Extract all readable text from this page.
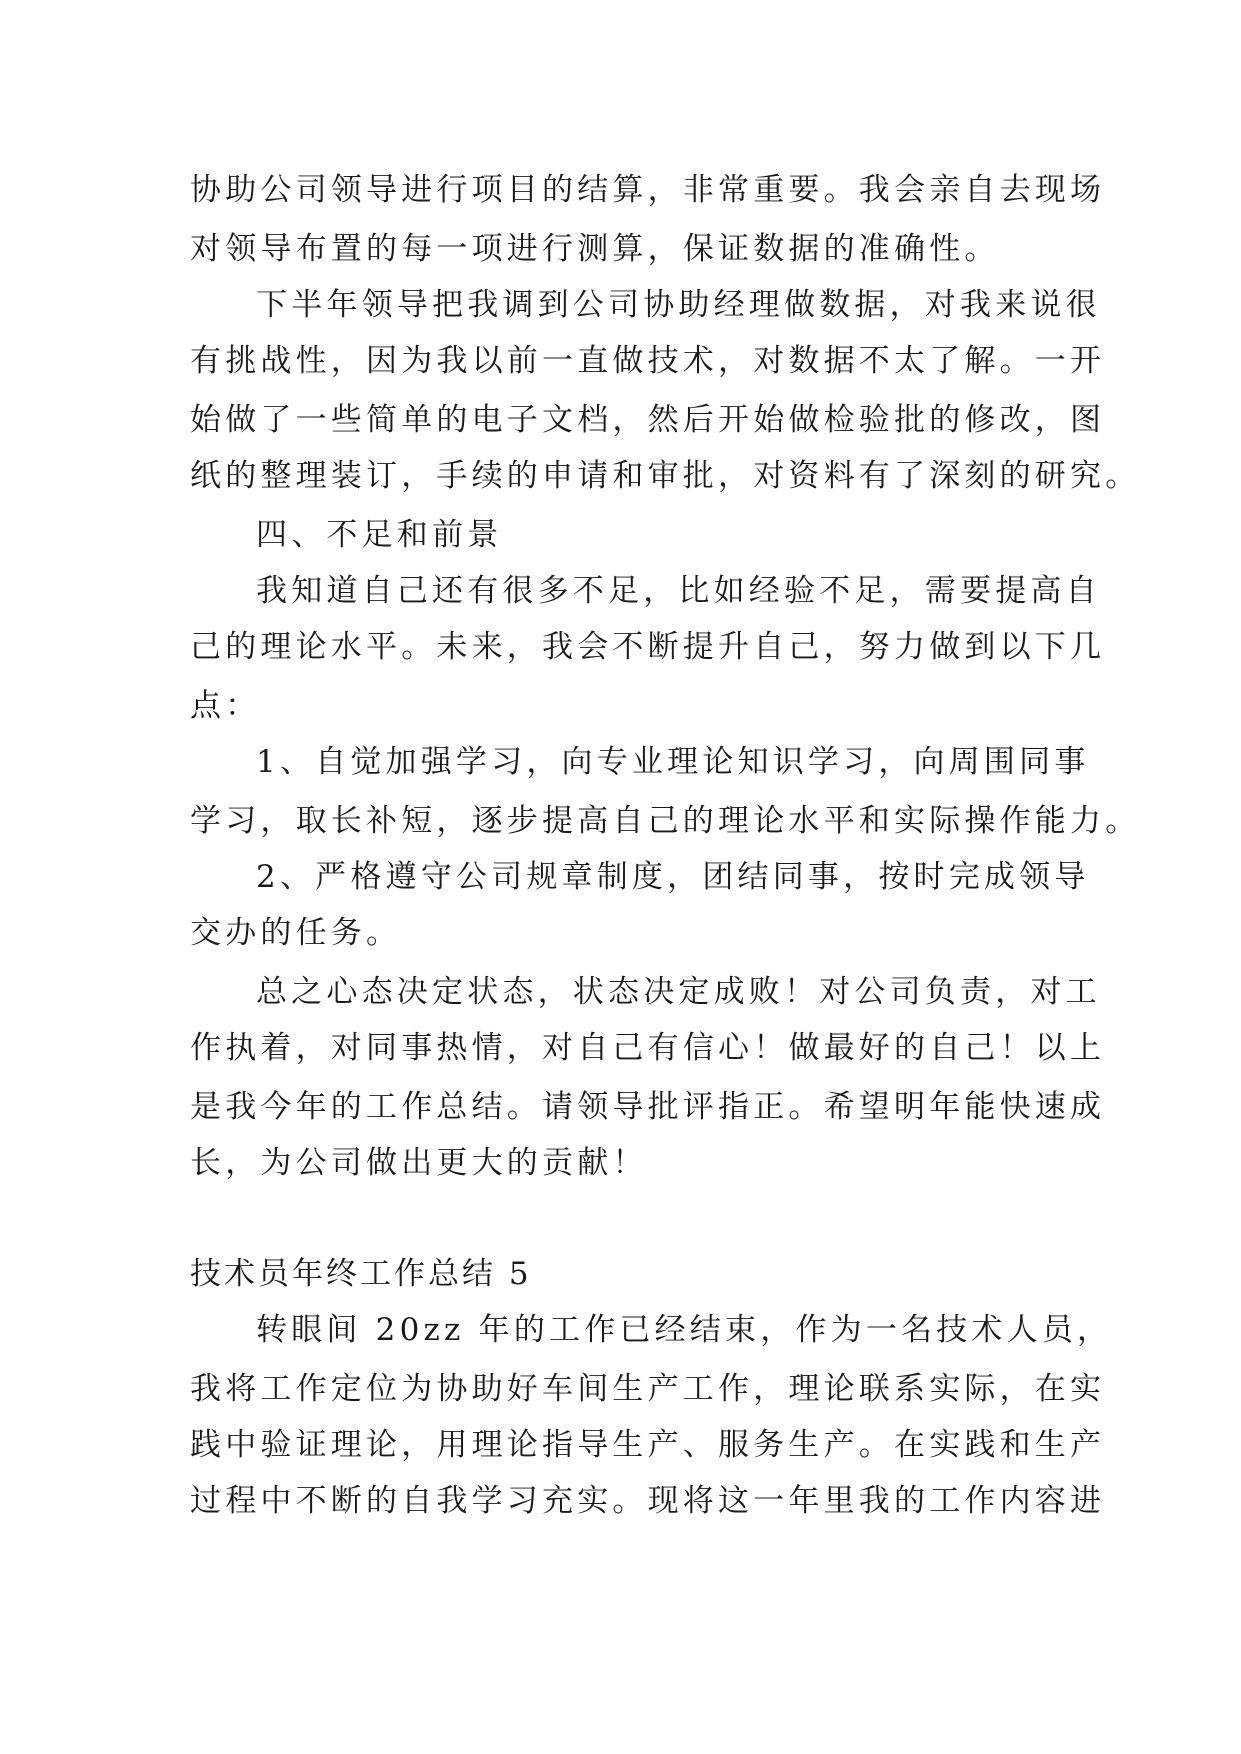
协助公司领导进行项目的结算，非常重要。我会亲自去现场
对领导布置的每一项进行测算，保证数据的准确性。
下半年领导把我调到公司协助经理做数据，对我来说很
有挑战性，因为我以前一直做技术，对数据不太了解。一开
始做了一些简单的电子文档，然后开始做检验批的修改，图
纸的整理装订，手续的申请和审批，对资料有了深刻的研究。
四、不足和前景
我知道自己还有很多不足，比如经验不足，需要提高自
己的理论水平。未来，我会不断提升自己，努力做到以下几
点：
1、自觉加强学习，向专业理论知识学习，向周围同事
学习，取长补短，逐步提高自己的理论水平和实际操作能力。
2、严格遵守公司规章制度，团结同事，按时完成领导
交办的任务。
总之心态决定状态，状态决定成败！对公司负责，对工
作执着，对同事热情，对自己有信心！做最好的自己！以上
是我今年的工作总结。请领导批评指正。希望明年能快速成
长，为公司做出更大的贡献！
技术员年终工作总结 5
转眼间 20zz 年的工作已经结束，作为一名技术人员，
我将工作定位为协助好车间生产工作，理论联系实际，在实
践中验证理论，用理论指导生产、服务生产。在实践和生产
过程中不断的自我学习充实。现将这一年里我的工作内容进
